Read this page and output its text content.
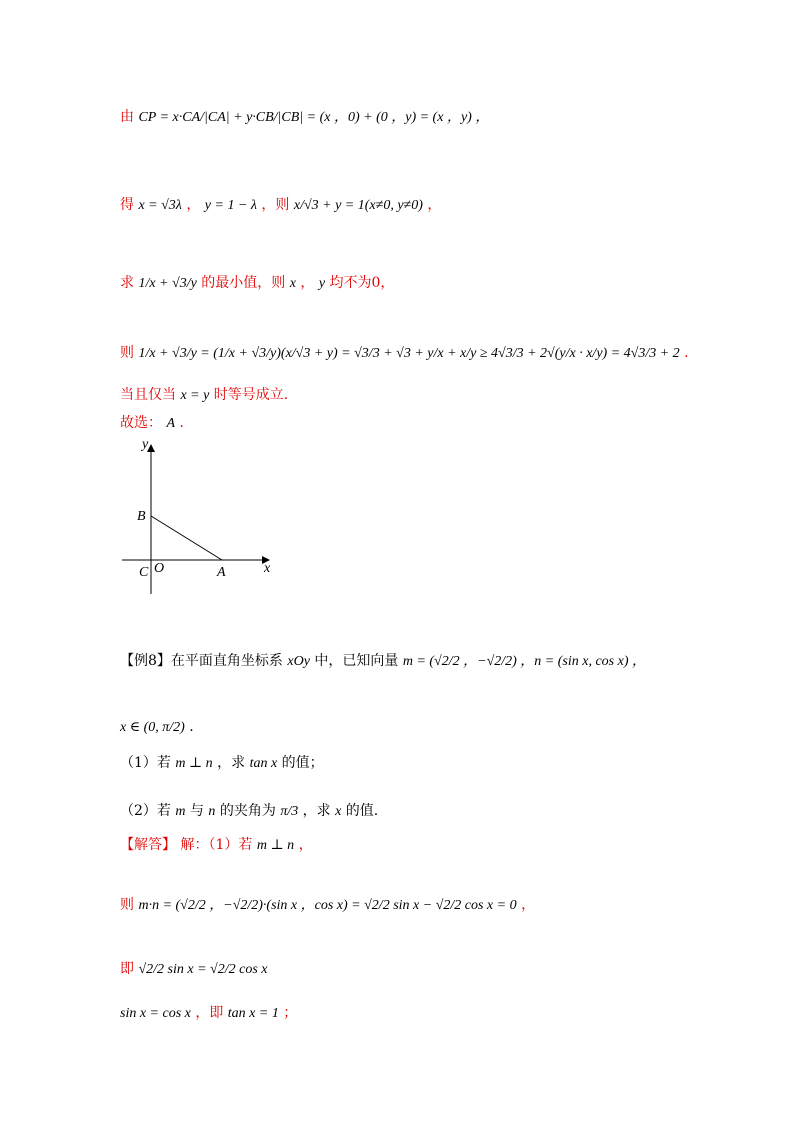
由 CP = x·CA/|CA| + y·CB/|CB| = (x ，0) + (0 ，y) = (x ，y) ，
得 x = √3λ ， y = 1 − λ ，则 x/√3 + y = 1(x≠0, y≠0) ，
求 1/x + √3/y 的最小值，则 x ， y 均不为0，
则 1/x + √3/y = (1/x + √3/y)(x/√3 + y) = √3/3 + √3 + y/x + x/y ≥ 4√3/3 + 2√(y/x · x/y) = 4√3/3 + 2 .
当且仅当 x = y 时等号成立.
故选： A .
y
x
B
C O	A
【例8】在平面直角坐标系 xOy 中，已知向量 m = (√2/2 ，−√2/2) ，n = (sin x, cos x) ，
x ∈ (0, π/2) .
（1）若 m ⊥ n ，求 tan x 的值；
（2）若 m 与 n 的夹角为 π/3 ，求 x 的值.
【解答】 解：（1）若 m ⊥ n ，
则 m·n = (√2/2 ，−√2/2)·(sin x ，cos x) = √2/2 sin x − √2/2 cos x = 0 ，
即 √2/2 sin x = √2/2 cos x
sin x = cos x ，即 tan x = 1 ；
